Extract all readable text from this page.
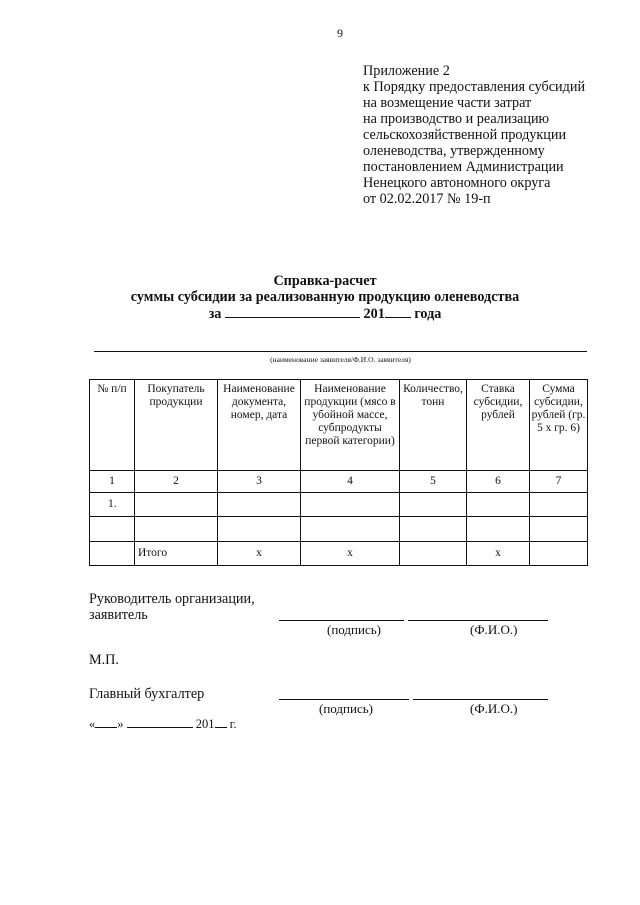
9
Приложение 2
к Порядку предоставления субсидий
на возмещение части затрат
на производство и реализацию
сельскохозяйственной продукции
оленеводства, утвержденному
постановлением Администрации
Ненецкого автономного округа
от 02.02.2017 № 19-п
Справка-расчет
суммы субсидии за реализованную продукцию оленеводства
за	201 года
(наименование заявителя/Ф.И.О. заявителя)
№ п/п	Покупатель продукции	Наименование документа, номер, дата	Наименование продукции (мясо в убойной массе, субпродукты первой категории)	Количество, тонн	Ставка субсидии, рублей	Сумма субсидии, рублей (гр. 5 х гр. 6)
1	2	3	4	5	6	7
1.						

	Итого	х	х		х	
Руководитель организации,
заявитель
(подпись)	(Ф.И.О.)
М.П.
Главный бухгалтер
(подпись)	(Ф.И.О.)
« »	201 г.
